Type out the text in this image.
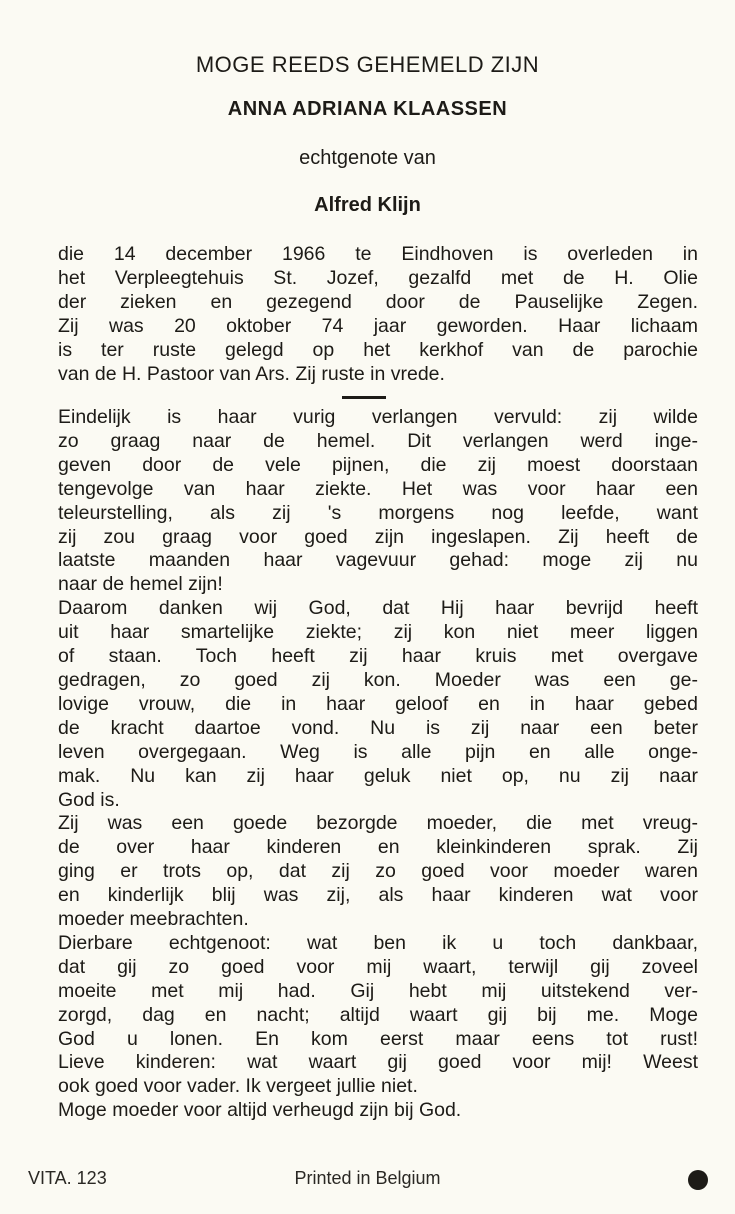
MOGE REEDS GEHEMELD ZIJN
ANNA ADRIANA KLAASSEN
echtgenote van
Alfred Klijn
die 14 december 1966 te Eindhoven is overleden in
het Verpleegtehuis St. Jozef, gezalfd met de H. Olie
der zieken en gezegend door de Pauselijke Zegen.
Zij was 20 oktober 74 jaar geworden. Haar lichaam
is ter ruste gelegd op het kerkhof van de parochie
van de H. Pastoor van Ars. Zij ruste in vrede.
Eindelijk is haar vurig verlangen vervuld: zij wilde
zo graag naar de hemel. Dit verlangen werd inge-
geven door de vele pijnen, die zij moest doorstaan
tengevolge van haar ziekte. Het was voor haar een
teleurstelling, als zij 's morgens nog leefde, want
zij zou graag voor goed zijn ingeslapen. Zij heeft de
laatste maanden haar vagevuur gehad: moge zij nu
naar de hemel zijn!
Daarom danken wij God, dat Hij haar bevrijd heeft
uit haar smartelijke ziekte; zij kon niet meer liggen
of staan. Toch heeft zij haar kruis met overgave
gedragen, zo goed zij kon. Moeder was een ge-
lovige vrouw, die in haar geloof en in haar gebed
de kracht daartoe vond. Nu is zij naar een beter
leven overgegaan. Weg is alle pijn en alle onge-
mak. Nu kan zij haar geluk niet op, nu zij naar
God is.
Zij was een goede bezorgde moeder, die met vreug-
de over haar kinderen en kleinkinderen sprak. Zij
ging er trots op, dat zij zo goed voor moeder waren
en kinderlijk blij was zij, als haar kinderen wat voor
moeder meebrachten.
Dierbare echtgenoot: wat ben ik u toch dankbaar,
dat gij zo goed voor mij waart, terwijl gij zoveel
moeite met mij had. Gij hebt mij uitstekend ver-
zorgd, dag en nacht; altijd waart gij bij me. Moge
God u lonen. En kom eerst maar eens tot rust!
Lieve kinderen: wat waart gij goed voor mij! Weest
ook goed voor vader. Ik vergeet jullie niet.
Moge moeder voor altijd verheugd zijn bij God.
VITA. 123	Printed in Belgium
